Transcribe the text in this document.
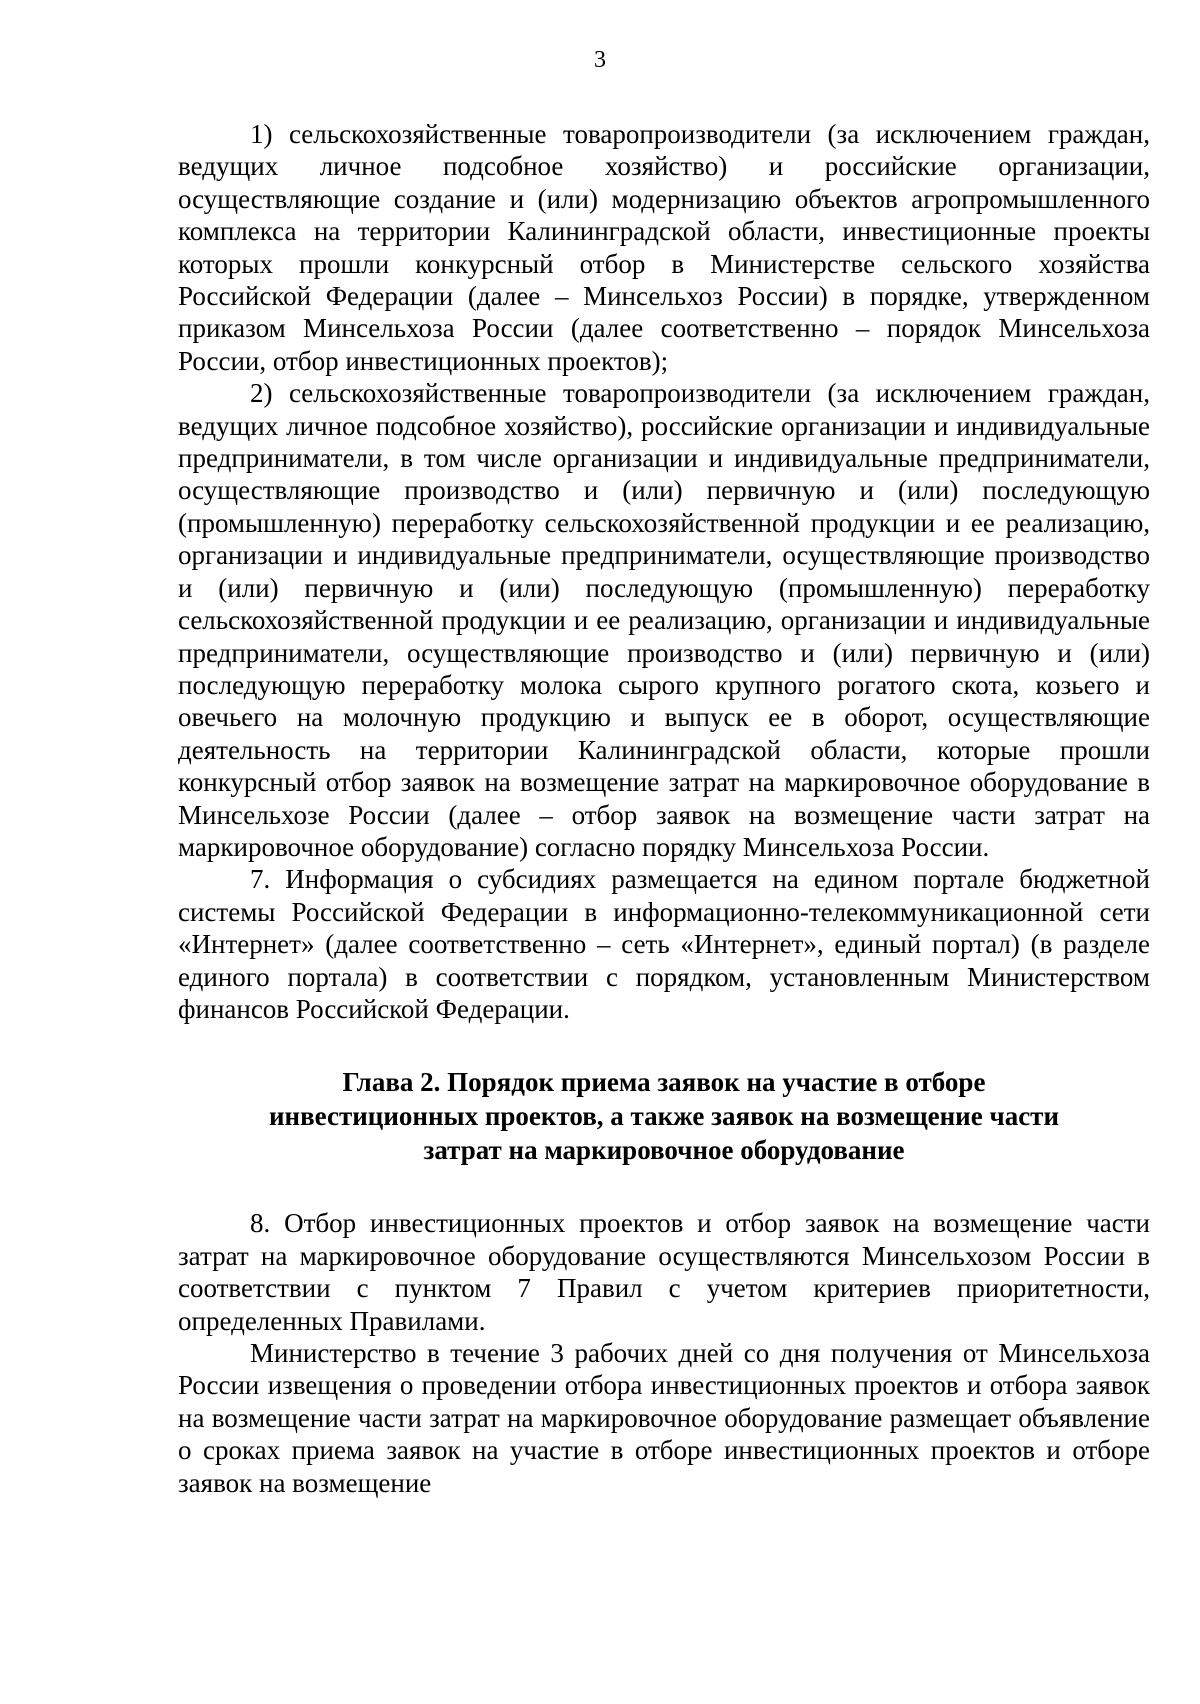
3

1) сельскохозяйственные товаропроизводители (за исключением граждан, ведущих личное подсобное хозяйство) и российские организации, осуществляющие создание и (или) модернизацию объектов агропромышленного комплекса на территории Калининградской области, инвестиционные проекты которых прошли конкурсный отбор в Министерстве сельского хозяйства Российской Федерации (далее – Минсельхоз России) в порядке, утвержденном приказом Минсельхоза России (далее соответственно – порядок Минсельхоза России, отбор инвестиционных проектов);

2) сельскохозяйственные товаропроизводители (за исключением граждан, ведущих личное подсобное хозяйство), российские организации и индивидуальные предприниматели, в том числе организации и индивидуальные предприниматели, осуществляющие производство и (или) первичную и (или) последующую (промышленную) переработку сельскохозяйственной продукции и ее реализацию, организации и индивидуальные предприниматели, осуществляющие производство и (или) первичную и (или) последующую (промышленную) переработку сельскохозяйственной продукции и ее реализацию, организации и индивидуальные предприниматели, осуществляющие производство и (или) первичную и (или) последующую переработку молока сырого крупного рогатого скота, козьего и овечьего на молочную продукцию и выпуск ее в оборот, осуществляющие деятельность на территории Калининградской области, которые прошли конкурсный отбор заявок на возмещение затрат на маркировочное оборудование в Минсельхозе России (далее – отбор заявок на возмещение части затрат на маркировочное оборудование) согласно порядку Минсельхоза России.

7. Информация о субсидиях размещается на едином портале бюджетной системы Российской Федерации в информационно-телекоммуникационной сети «Интернет» (далее соответственно – сеть «Интернет», единый портал) (в разделе единого портала) в соответствии с порядком, установленным Министерством финансов Российской Федерации.

Глава 2. Порядок приема заявок на участие в отборе
инвестиционных проектов, а также заявок на возмещение части
затрат на маркировочное оборудование

8. Отбор инвестиционных проектов и отбор заявок на возмещение части затрат на маркировочное оборудование осуществляются Минсельхозом России в соответствии с пунктом 7 Правил с учетом критериев приоритетности, определенных Правилами.

Министерство в течение 3 рабочих дней со дня получения от Минсельхоза России извещения о проведении отбора инвестиционных проектов и отбора заявок на возмещение части затрат на маркировочное оборудование размещает объявление о сроках приема заявок на участие в отборе инвестиционных проектов и отборе заявок на возмещение
